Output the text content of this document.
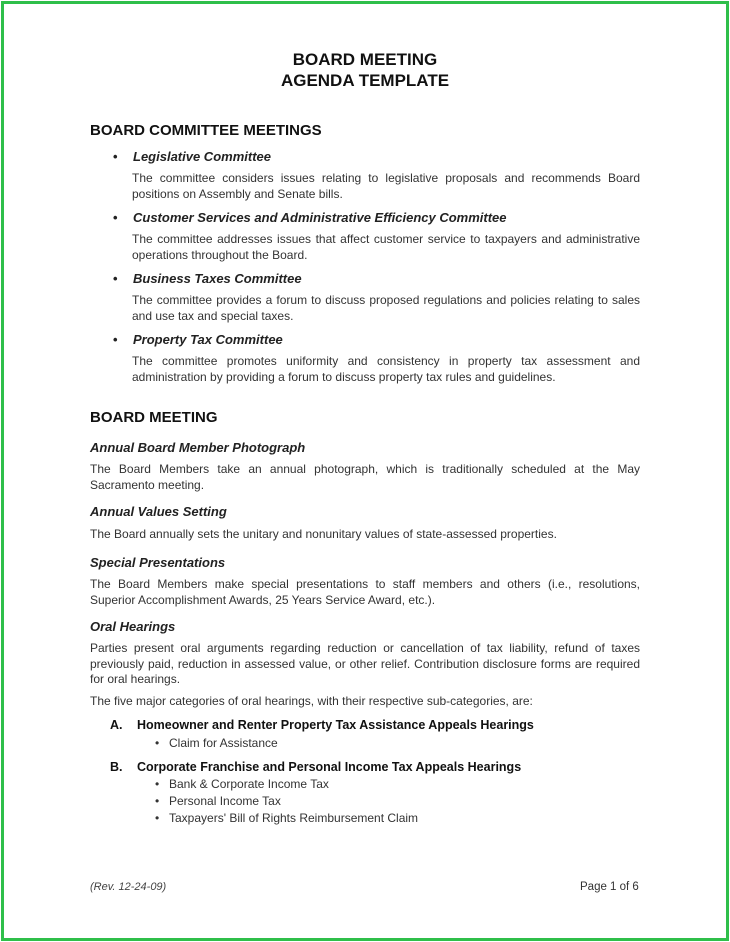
BOARD MEETING
AGENDA TEMPLATE
BOARD COMMITTEE MEETINGS
• Legislative Committee
The committee considers issues relating to legislative proposals and recommends Board positions on Assembly and Senate bills.
• Customer Services and Administrative Efficiency Committee
The committee addresses issues that affect customer service to taxpayers and administrative operations throughout the Board.
• Business Taxes Committee
The committee provides a forum to discuss proposed regulations and policies relating to sales and use tax and special taxes.
• Property Tax Committee
The committee promotes uniformity and consistency in property tax assessment and administration by providing a forum to discuss property tax rules and guidelines.
BOARD MEETING
Annual Board Member Photograph
The Board Members take an annual photograph, which is traditionally scheduled at the May Sacramento meeting.
Annual Values Setting
The Board annually sets the unitary and nonunitary values of state-assessed properties.
Special Presentations
The Board Members make special presentations to staff members and others (i.e., resolutions, Superior Accomplishment Awards, 25 Years Service Award, etc.).
Oral Hearings
Parties present oral arguments regarding reduction or cancellation of tax liability, refund of taxes previously paid, reduction in assessed value, or other relief. Contribution disclosure forms are required for oral hearings.
The five major categories of oral hearings, with their respective sub-categories, are:
A. Homeowner and Renter Property Tax Assistance Appeals Hearings
• Claim for Assistance
B. Corporate Franchise and Personal Income Tax Appeals Hearings
• Bank & Corporate Income Tax
• Personal Income Tax
• Taxpayers' Bill of Rights Reimbursement Claim
(Rev. 12-24-09)	Page 1 of 6
